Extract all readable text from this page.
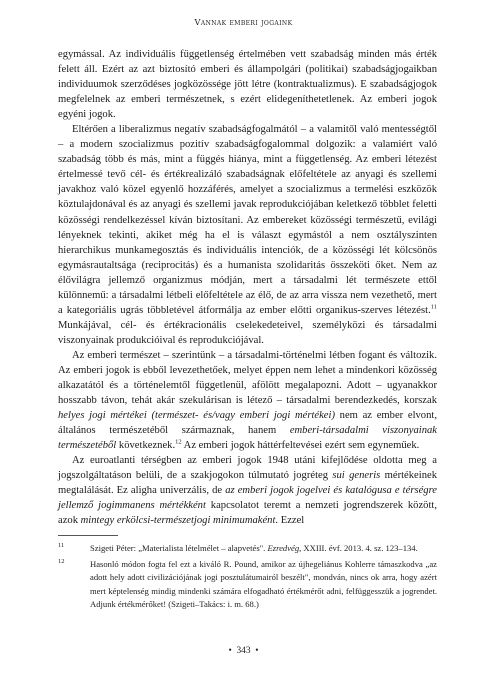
Vannak emberi jogaink

egymással. Az individuális függetlenség értelmében vett szabadság minden más érték felett áll. Ezért az azt biztosító emberi és állampolgári (politikai) szabadságjogaikban individuumok szerződéses jogközössége jött létre (kontraktualizmus). E szabadságjogok megfelelnek az emberi természetnek, s ezért elidegeníthetetlenek. Az emberi jogok egyéni jogok.

Eltérően a liberalizmus negatív szabadságfogalmától – a valamitől való mentességtől – a modern szocializmus pozitív szabadságfogalommal dolgozik: a valamiért való szabadság több és más, mint a függés hiánya, mint a függetlenség. Az emberi létezést értelmessé tevő cél- és értékrealizáló szabadságnak előfeltétele az anyagi és szellemi javakhoz való közel egyenlő hozzáférés, amelyet a szocializmus a termelési eszközök köztulajdonával és az anyagi és szellemi javak reprodukciójában keletkező többlet feletti közösségi rendelkezéssel kíván biztosítani. Az embereket közösségi természetű, evilági lényeknek tekinti, akiket még ha el is választ egymástól a nem osztályszinten hierarchikus munkamegosztás és individuális intenciók, de a közösségi lét kölcsönös egymásrautaltsága (reciprocitás) és a humanista szolidaritás összeköti őket. Nem az élővilágra jellemző organizmus módján, mert a társadalmi lét természete ettől különnemű: a társadalmi létbeli előfeltétele az élő, de az arra vissza nem vezethető, mert a kategoriális ugrás többletével átformálja az ember előtti organikus-szerves létezést.$^{11}$ Munkájával, cél- és értékracionális cselekedeteivel, személyközi és társadalmi viszonyainak produkcióival és reprodukciójával.

Az emberi természet – szerintünk – a társadalmi-történelmi létben fogant és változik. Az emberi jogok is ebből levezethetőek, melyet éppen nem lehet a mindenkori közösség alkazatától és a történelemtől függetlenül, afölött megalapozni. Adott – ugyanakkor hosszabb távon, tehát akár szekulárisan is létező – társadalmi berendezkedés, korszak helyes jogi mértékei (természet- és/vagy emberi jogi mértékei) nem az ember elvont, általános természetéből származnak, hanem emberi-társadalmi viszonyainak természetéből következnek.$^{12}$ Az emberi jogok háttérfeltevései ezért sem egyneműek.

Az euroatlanti térségben az emberi jogok 1948 utáni kifejlődése oldotta meg a jogszolgáltatáson belüli, de a szakjogokon túlmutató jogréteg sui generis mértékeinek megtalálását. Ez aligha univerzális, de az emberi jogok jogelvei és katalógusa e térségre jellemző jogimmanens mértékként kapcsolatot teremt a nemzeti jogrendszerek között, azok mintegy erkölcsi-természetjogi minimumaként. Ezzel

$^{11}$	Szigeti Péter: „Materialista lételmélet – alapvetés". Ezredvég, XXIII. évf. 2013. 4. sz. 123–134.
$^{12}$	Hasonló módon fogta fel ezt a kiváló R. Pound, amikor az újhegeliánus Kohlerre támaszkodva „az adott hely adott civilizációjának jogi posztulátumairól beszélt", mondván, nincs ok arra, hogy azért mert képtelenség mindig mindenki számára elfogadható értékmérőt adni, felfüggesszük a jogrendet. Adjunk értékmérőket! (Szigeti–Takács: i. m. 68.)
•  343  •
